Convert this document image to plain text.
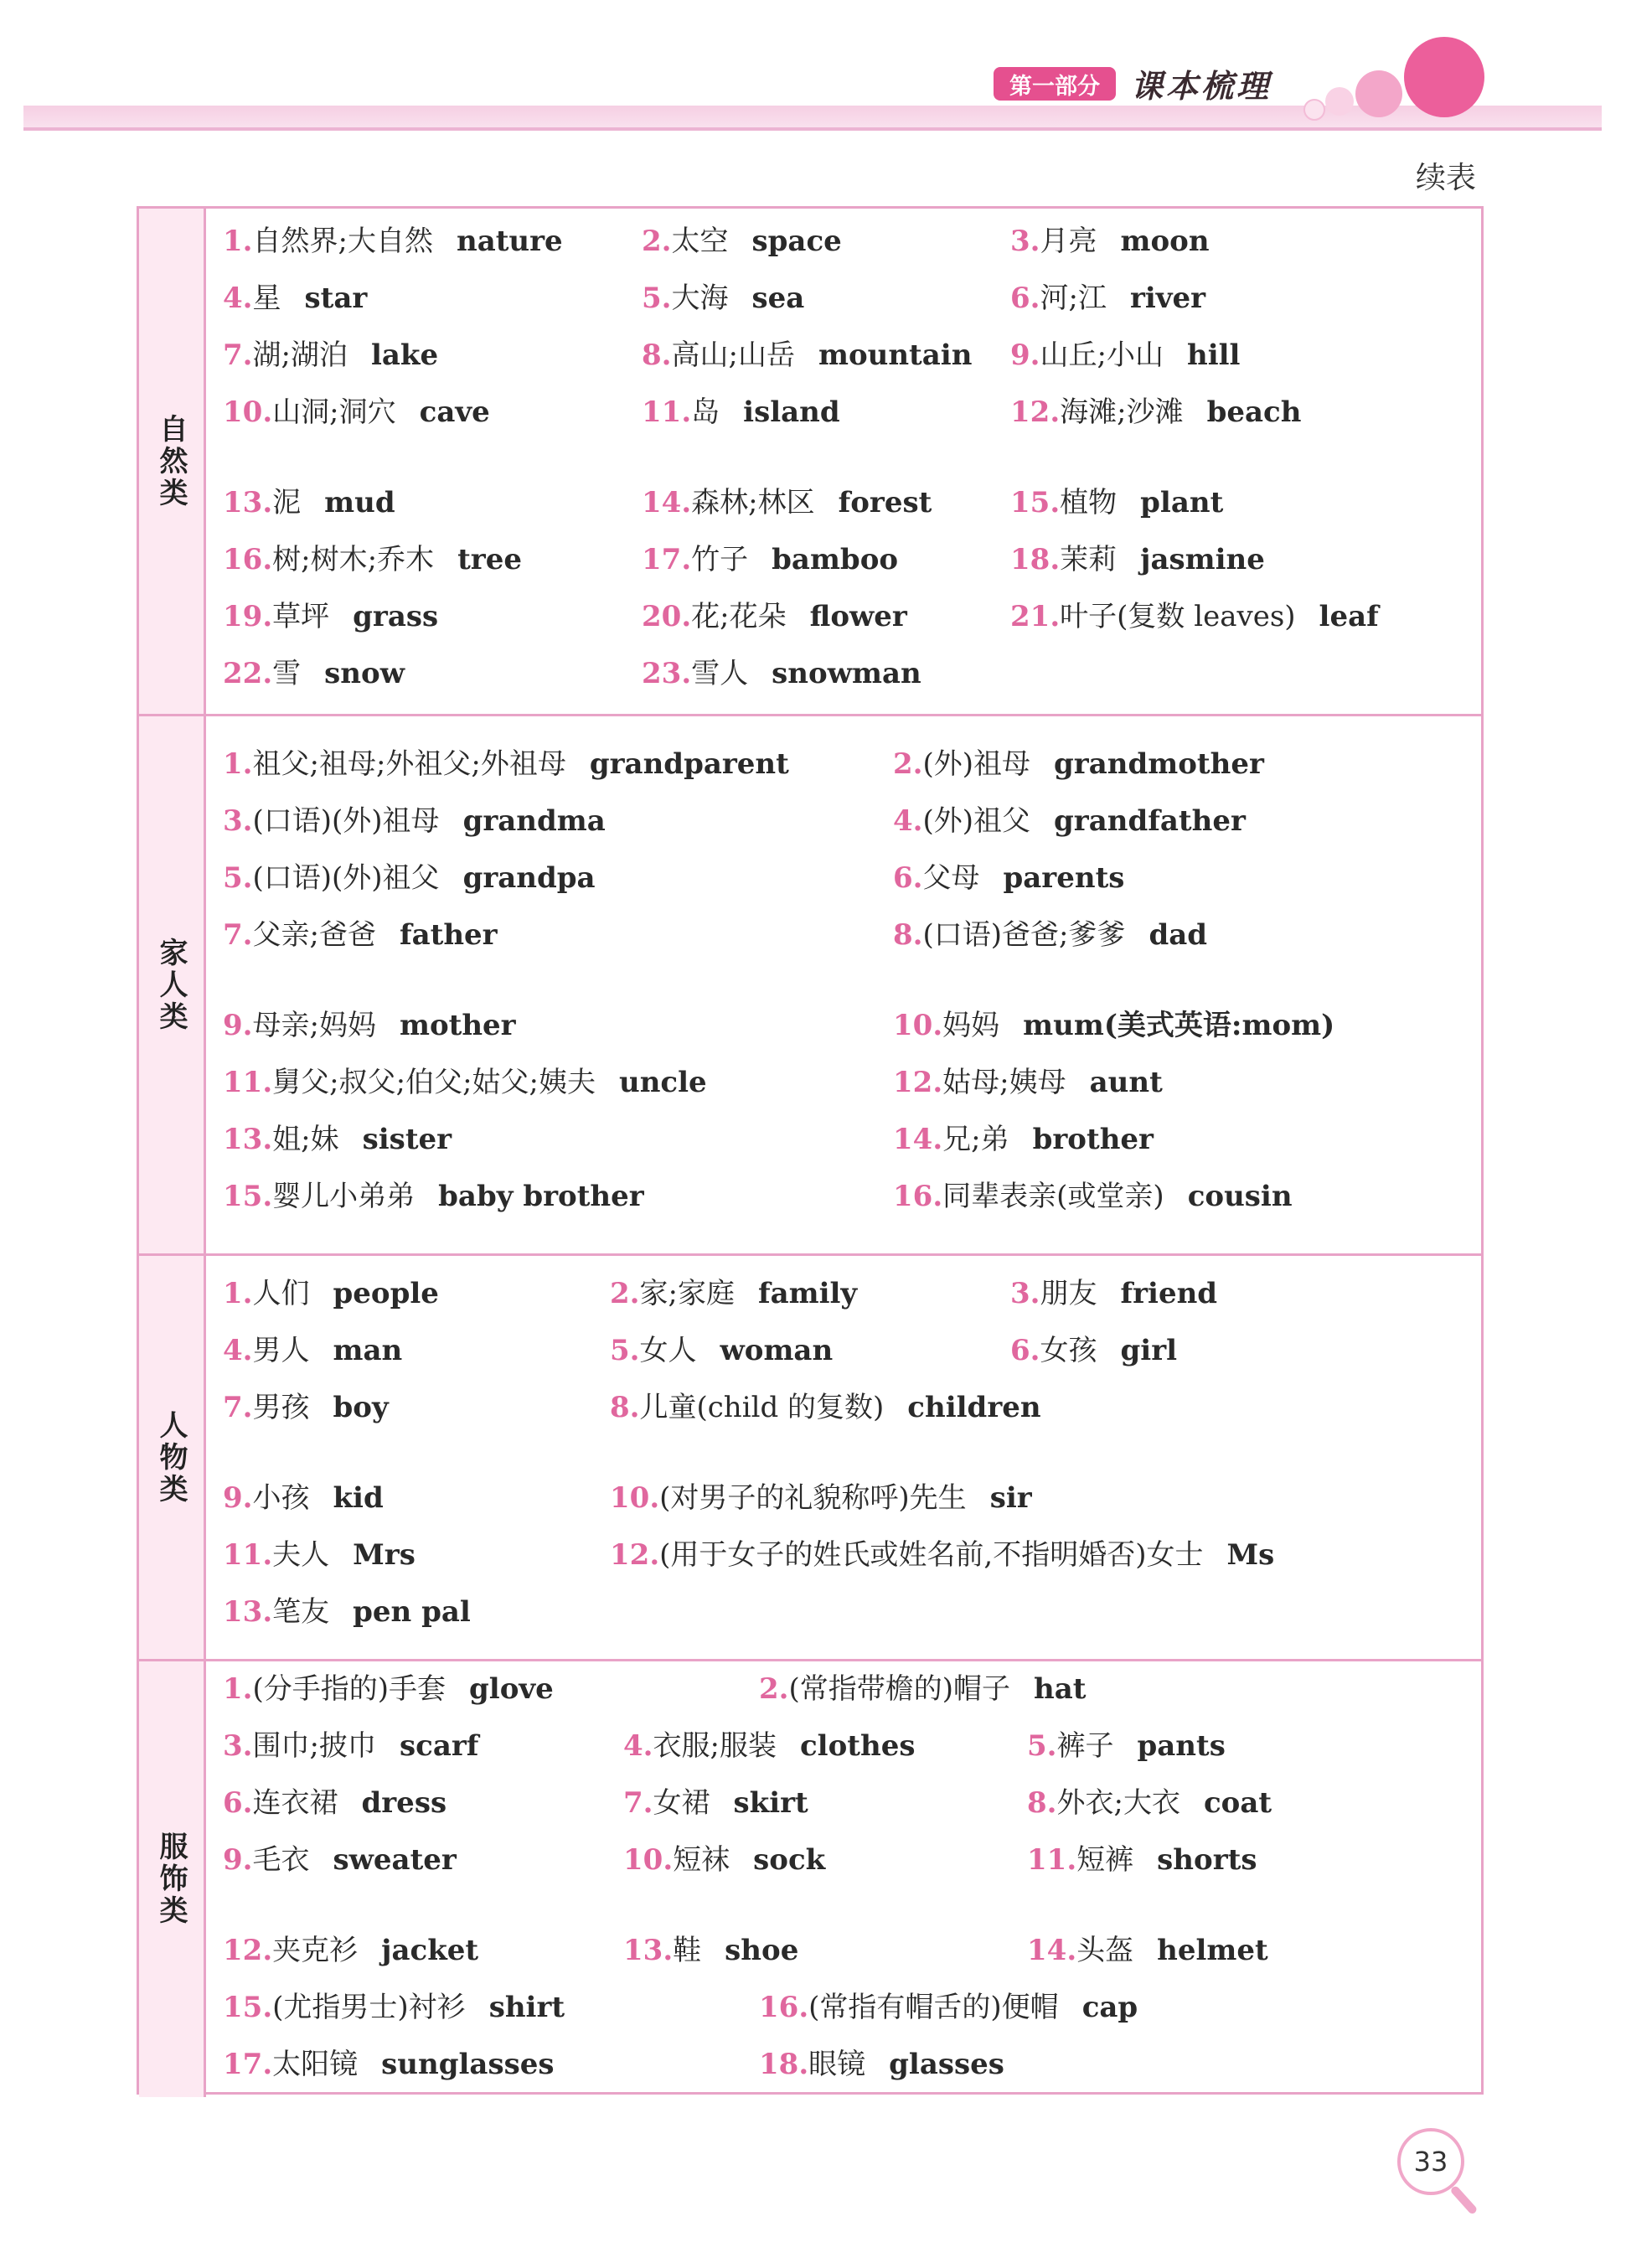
第一部分 课本梳理
续表
自然类
1.自然界;大自然 nature	2.太空 space	3.月亮 moon
4.星 star	5.大海 sea	6.河;江 river
7.湖;湖泊 lake	8.高山;山岳 mountain 9.山丘;小山 hill
10.山洞;洞穴 cave	11.岛 island	12.海滩;沙滩 beach
13.泥 mud	14.森林;林区 forest	15.植物 plant
16.树;树木;乔木 tree	17.竹子 bamboo	18.茉莉 jasmine
19.草坪 grass	20.花;花朵 flower	21.叶子(复数 leaves) leaf
22.雪 snow	23.雪人 snowman
家人类
1.祖父;祖母;外祖父;外祖母 grandparent	2.(外)祖母 grandmother
3.(口语)(外)祖母 grandma	4.(外)祖父 grandfather
5.(口语)(外)祖父 grandpa	6.父母 parents
7.父亲;爸爸 father	8.(口语)爸爸;爹爹 dad
9.母亲;妈妈 mother	10.妈妈 mum(美式英语:mom)
11.舅父;叔父;伯父;姑父;姨夫 uncle	12.姑母;姨母 aunt
13.姐;妹 sister	14.兄;弟 brother
15.婴儿小弟弟 baby brother	16.同辈表亲(或堂亲) cousin
人物类
1.人们 people	2.家;家庭 family	3.朋友 friend
4.男人 man	5.女人 woman	6.女孩 girl
7.男孩 boy	8.儿童(child 的复数) children
9.小孩 kid	10.(对男子的礼貌称呼)先生 sir
11.夫人 Mrs	12.(用于女子的姓氏或姓名前,不指明婚否)女士 Ms
13.笔友 pen pal
服饰类
1.(分手指的)手套 glove	2.(常指带檐的)帽子 hat
3.围巾;披巾 scarf	4.衣服;服装 clothes	5.裤子 pants
6.连衣裙 dress	7.女裙 skirt	8.外衣;大衣 coat
9.毛衣 sweater	10.短袜 sock	11.短裤 shorts
12.夹克衫 jacket	13.鞋 shoe	14.头盔 helmet
15.(尤指男士)衬衫 shirt	16.(常指有帽舌的)便帽 cap
17.太阳镜 sunglasses	18.眼镜 glasses
33
